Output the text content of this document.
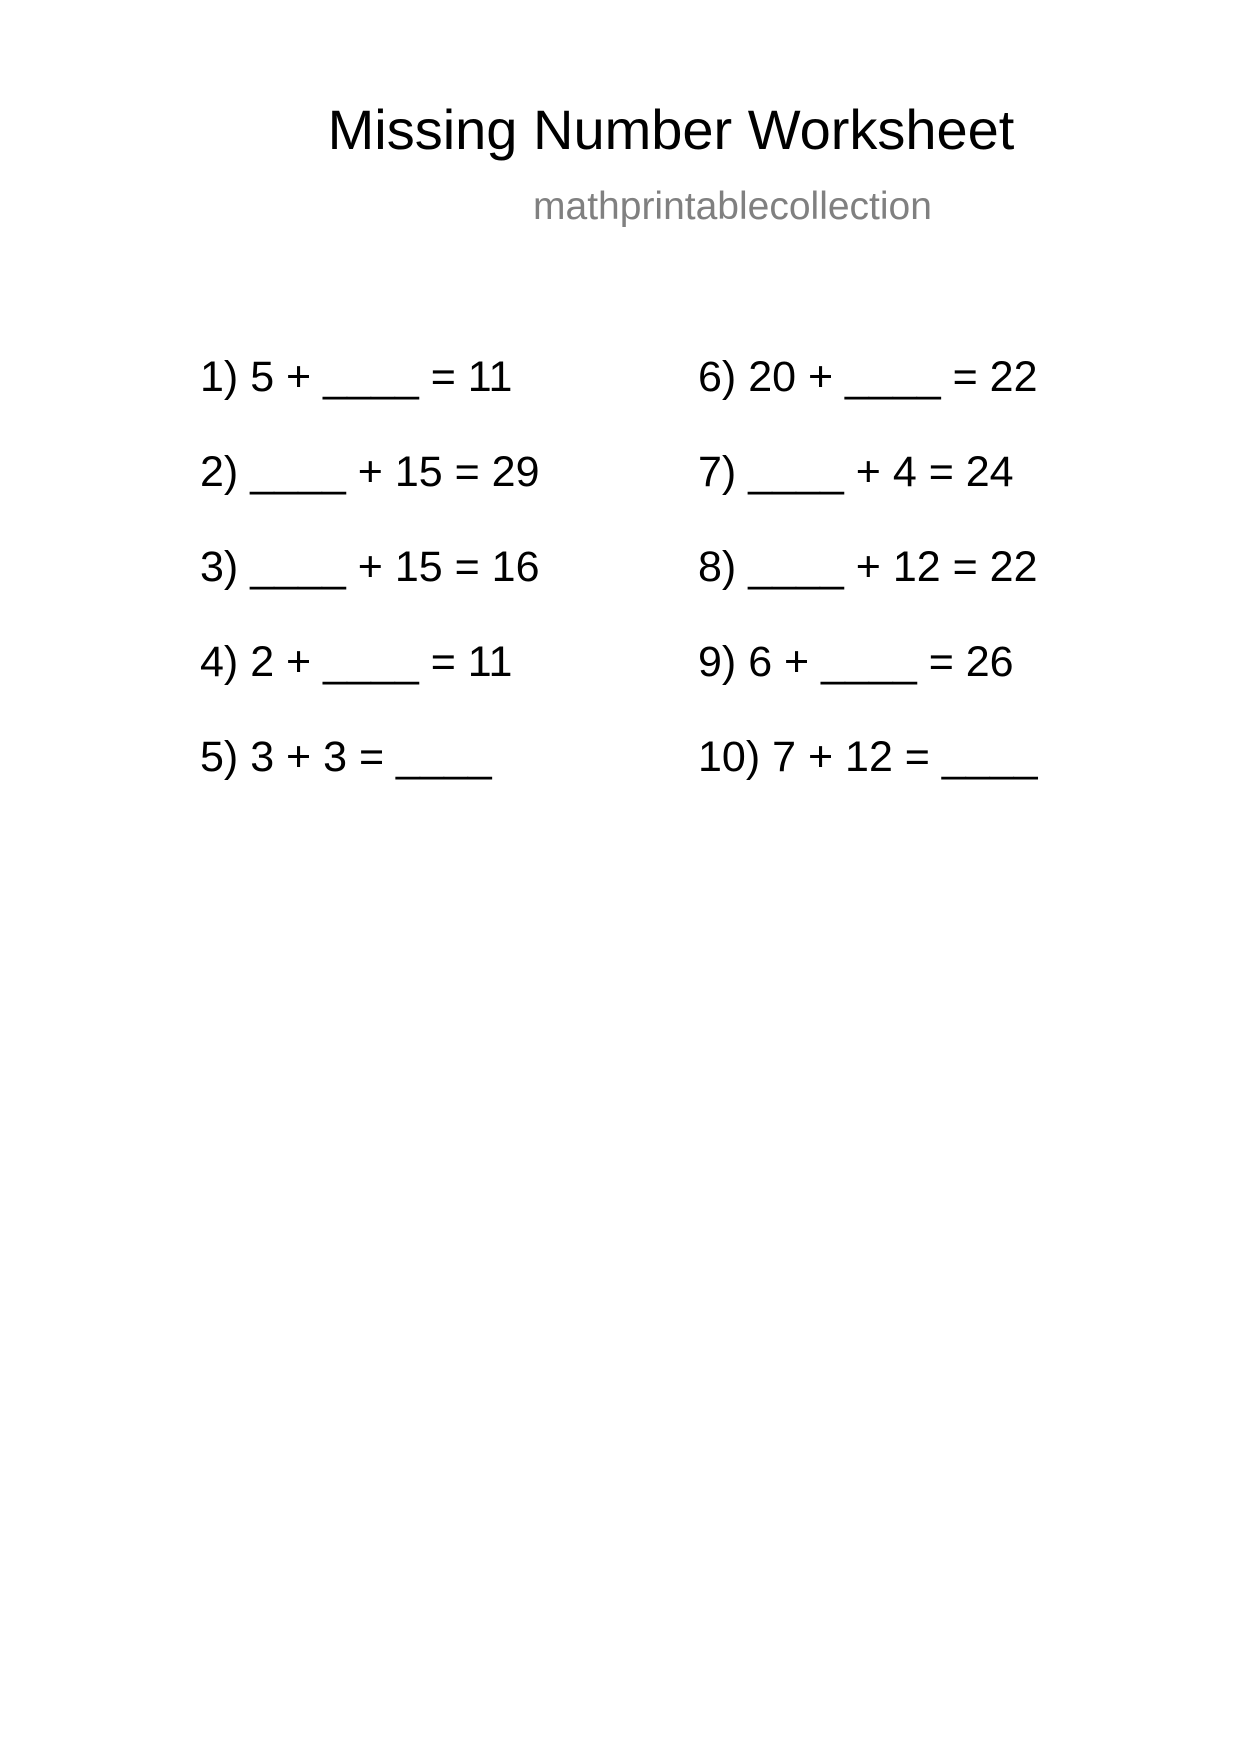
Missing Number Worksheet
mathprintablecollection
1) 5 + ____ = 11
2) ____ + 15 = 29
3) ____ + 15 = 16
4) 2 + ____ = 11
5) 3 + 3 = ____
6) 20 + ____ = 22
7) ____ + 4 = 24
8) ____ + 12 = 22
9) 6 + ____ = 26
10) 7 + 12 = ____
